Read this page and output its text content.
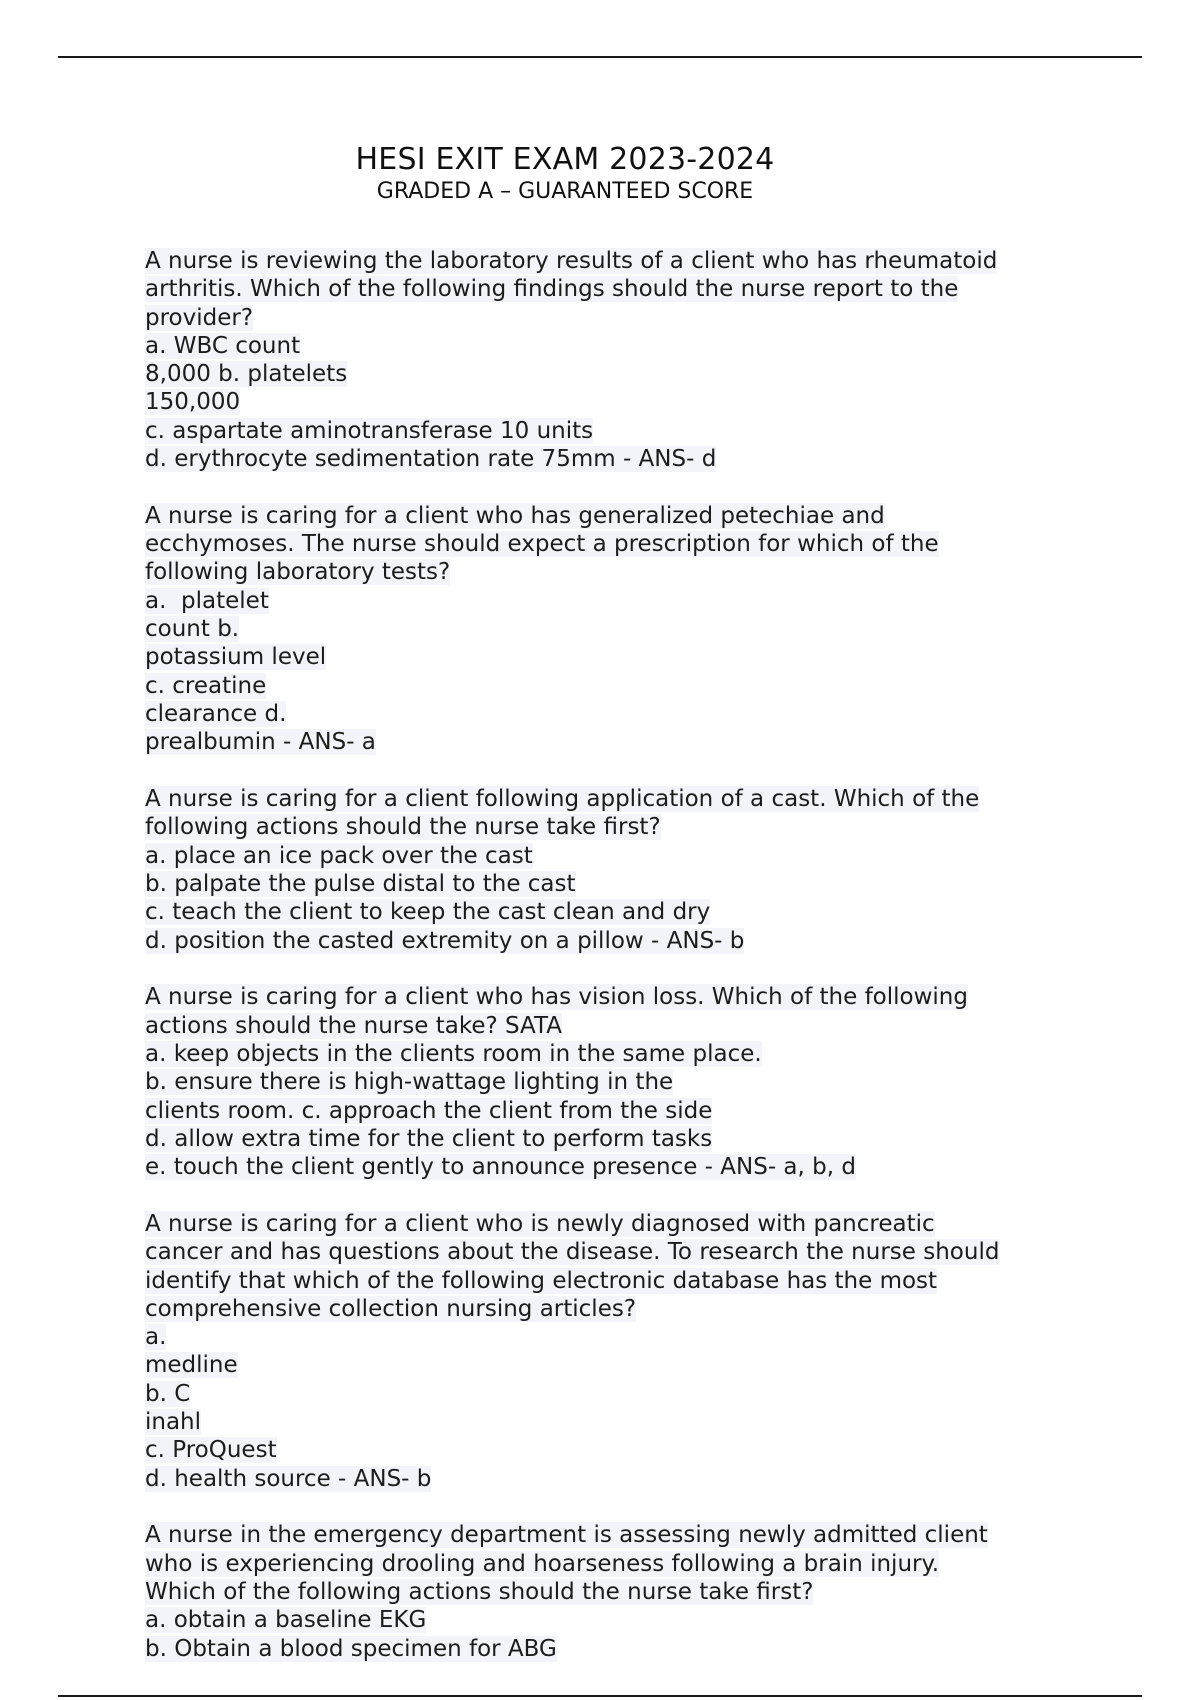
HESI EXIT EXAM 2023-2024
GRADED A – GUARANTEED SCORE
A nurse is reviewing the laboratory results of a client who has rheumatoid
arthritis. Which of the following findings should the nurse report to the
provider?
a. WBC count
8,000 b. platelets
150,000
c. aspartate aminotransferase 10 units
d. erythrocyte sedimentation rate 75mm - ANS- d
A nurse is caring for a client who has generalized petechiae and
ecchymoses. The nurse should expect a prescription for which of the
following laboratory tests?
a.  platelet
count b.
potassium level
c. creatine
clearance d.
prealbumin - ANS- a
A nurse is caring for a client following application of a cast. Which of the
following actions should the nurse take first?
a. place an ice pack over the cast
b. palpate the pulse distal to the cast
c. teach the client to keep the cast clean and dry
d. position the casted extremity on a pillow - ANS- b
A nurse is caring for a client who has vision loss. Which of the following
actions should the nurse take? SATA
a. keep objects in the clients room in the same place.
b. ensure there is high-wattage lighting in the
clients room. c. approach the client from the side
d. allow extra time for the client to perform tasks
e. touch the client gently to announce presence - ANS- a, b, d
A nurse is caring for a client who is newly diagnosed with pancreatic
cancer and has questions about the disease. To research the nurse should
identify that which of the following electronic database has the most
comprehensive collection nursing articles?
a.
medline
b. C
inahl
c. ProQuest
d. health source - ANS- b
A nurse in the emergency department is assessing newly admitted client
who is experiencing drooling and hoarseness following a brain injury.
Which of the following actions should the nurse take first?
a. obtain a baseline EKG
b. Obtain a blood specimen for ABG
